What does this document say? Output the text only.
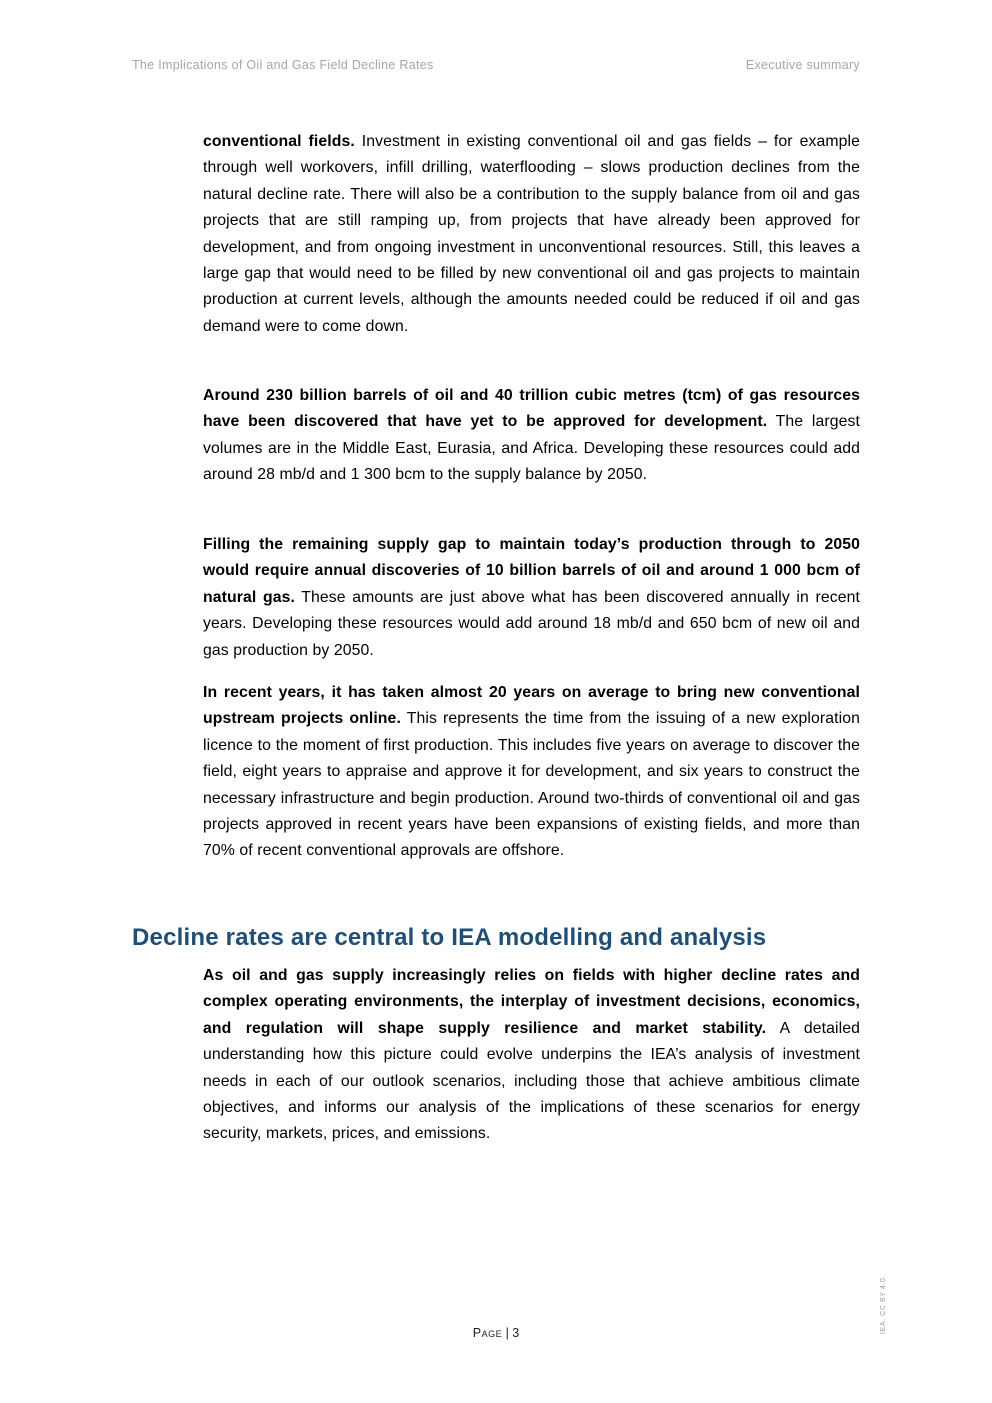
The Implications of Oil and Gas Field Decline Rates	Executive summary

conventional fields. Investment in existing conventional oil and gas fields – for example through well workovers, infill drilling, waterflooding – slows production declines from the natural decline rate. There will also be a contribution to the supply balance from oil and gas projects that are still ramping up, from projects that have already been approved for development, and from ongoing investment in unconventional resources. Still, this leaves a large gap that would need to be filled by new conventional oil and gas projects to maintain production at current levels, although the amounts needed could be reduced if oil and gas demand were to come down.

Around 230 billion barrels of oil and 40 trillion cubic metres (tcm) of gas resources have been discovered that have yet to be approved for development. The largest volumes are in the Middle East, Eurasia, and Africa. Developing these resources could add around 28 mb/d and 1 300 bcm to the supply balance by 2050.

Filling the remaining supply gap to maintain today’s production through to 2050 would require annual discoveries of 10 billion barrels of oil and around 1 000 bcm of natural gas. These amounts are just above what has been discovered annually in recent years. Developing these resources would add around 18 mb/d and 650 bcm of new oil and gas production by 2050.

In recent years, it has taken almost 20 years on average to bring new conventional upstream projects online. This represents the time from the issuing of a new exploration licence to the moment of first production. This includes five years on average to discover the field, eight years to appraise and approve it for development, and six years to construct the necessary infrastructure and begin production. Around two-thirds of conventional oil and gas projects approved in recent years have been expansions of existing fields, and more than 70% of recent conventional approvals are offshore.

Decline rates are central to IEA modelling and analysis

As oil and gas supply increasingly relies on fields with higher decline rates and complex operating environments, the interplay of investment decisions, economics, and regulation will shape supply resilience and market stability. A detailed understanding how this picture could evolve underpins the IEA’s analysis of investment needs in each of our outlook scenarios, including those that achieve ambitious climate objectives, and informs our analysis of the implications of these scenarios for energy security, markets, prices, and emissions.

IEA. CC BY 4.0.
Page | 3
